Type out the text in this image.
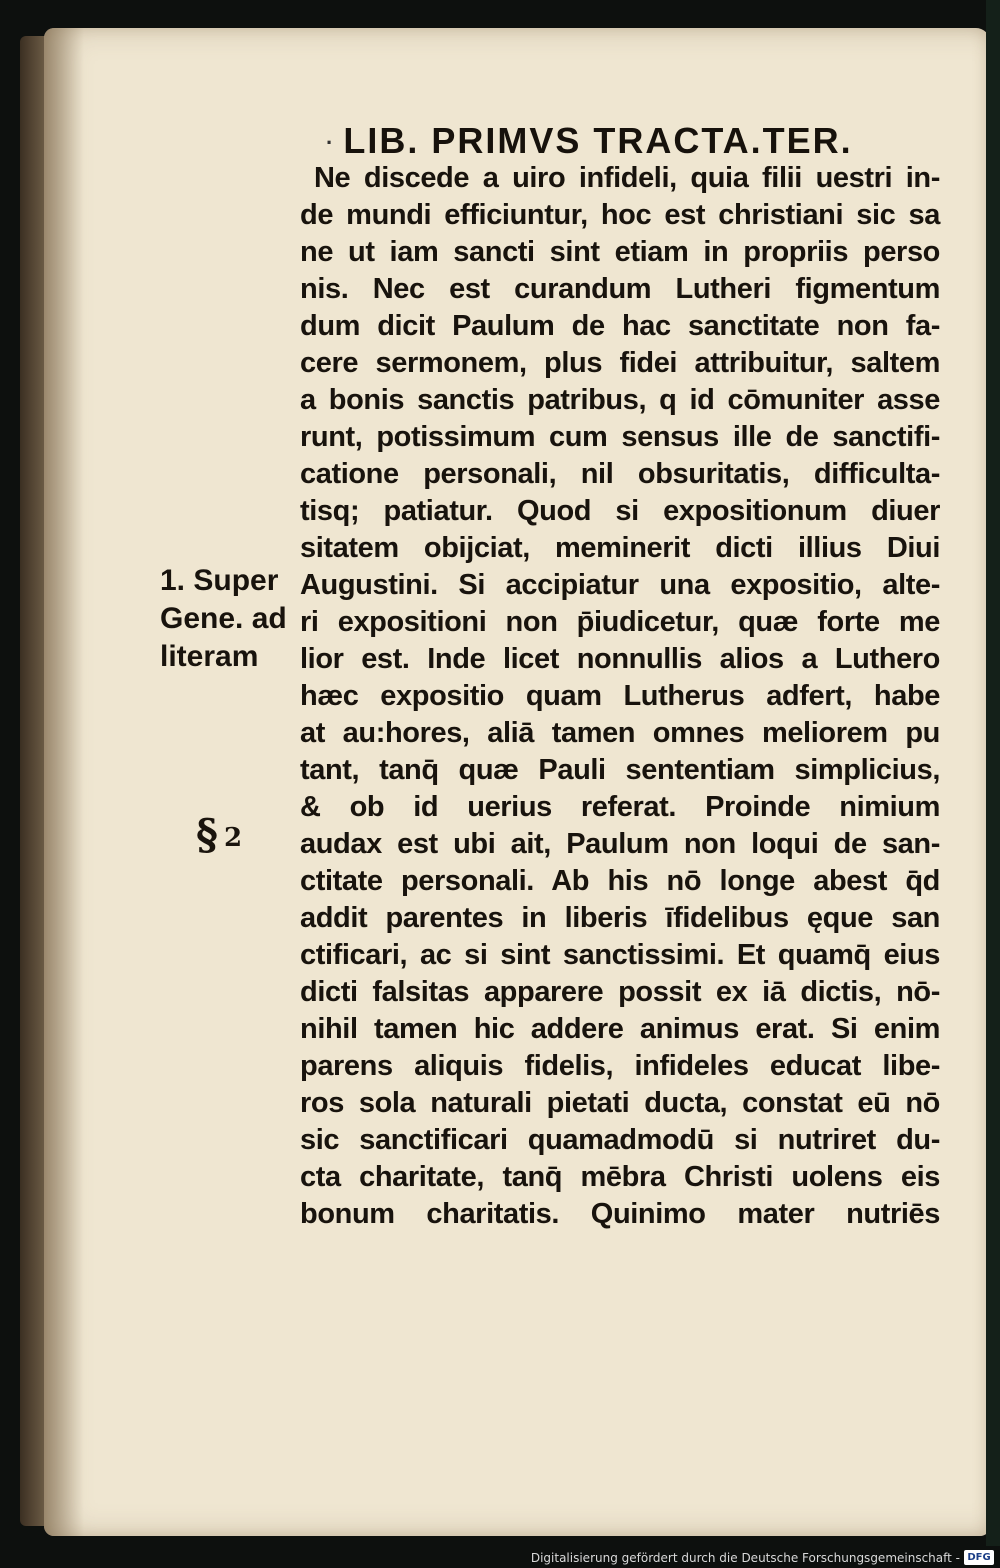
· LIB. PRIMVS TRACTA.TER.
Ne discede a uiro infideli, quia filii uestri in-
de mundi efficiuntur, hoc est christiani sic sa
ne ut iam sancti sint etiam in propriis perso
nis. Nec est curandum Lutheri figmentum
dum dicit Paulum de hac sanctitate non fa-
cere sermonem, plus fidei attribuitur, saltem
a bonis sanctis patribus, q id cōmuniter asse
runt, potissimum cum sensus ille de sanctifi-
catione personali, nil obsuritatis, difficulta-
tisq; patiatur. Quod si expositionum diuer
sitatem obijciat, meminerit dicti illius Diui
Augustini. Si accipiatur una expositio, alte-
ri expositioni non p̄iudicetur, quæ forte me
lior est. Inde licet nonnullis alios a Luthero
hæc expositio quam Lutherus adfert, habe
at au:hores, aliā tamen omnes meliorem pu
tant, tanq̄ quæ Pauli sententiam simplicius,
& ob id uerius referat. Proinde nimium
audax est ubi ait, Paulum non loqui de san-
ctitate personali. Ab his nō longe abest q̄d
addit parentes in liberis īfidelibus ęque san
ctificari, ac si sint sanctissimi. Et quamq̄ eius
dicti falsitas apparere possit ex iā dictis, nō-
nihil tamen hic addere animus erat. Si enim
parens aliquis fidelis, infideles educat libe-
ros sola naturali pietati ducta, constat eū nō
sic sanctificari quamadmodū si nutriret du-
cta charitate, tanq̄ mēbra Christi uolens eis
bonum charitatis. Quinimo mater nutriēs
1. Super
Gene. ad
literam
§ 2
Digitalisierung gefördert durch die Deutsche Forschungsgemeinschaft - DFG
